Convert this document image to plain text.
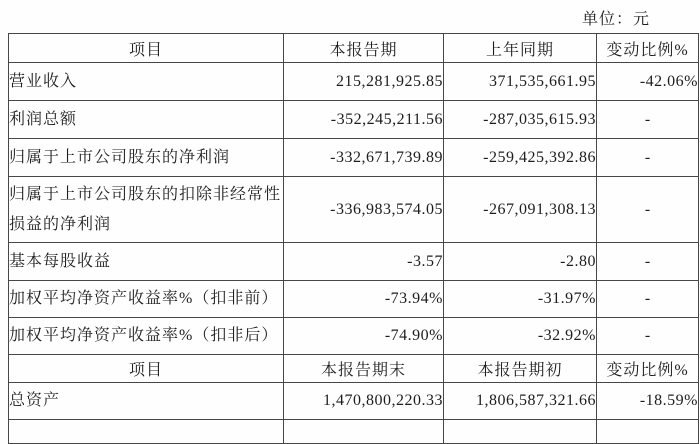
单位：元
项目	本报告期	上年同期	变动比例%
营业收入	215,281,925.85	371,535,661.95	-42.06%
利润总额	-352,245,211.56	-287,035,615.93	-
归属于上市公司股东的净利润	-332,671,739.89	-259,425,392.86	-
归属于上市公司股东的扣除非经常性损益的净利润	-336,983,574.05	-267,091,308.13	-
基本每股收益	-3.57	-2.80	-
加权平均净资产收益率%（扣非前）	-73.94%	-31.97%	-
加权平均净资产收益率%（扣非后）	-74.90%	-32.92%	-
项目	本报告期末	本报告期初	变动比例%
总资产	1,470,800,220.33	1,806,587,321.66	-18.59%
